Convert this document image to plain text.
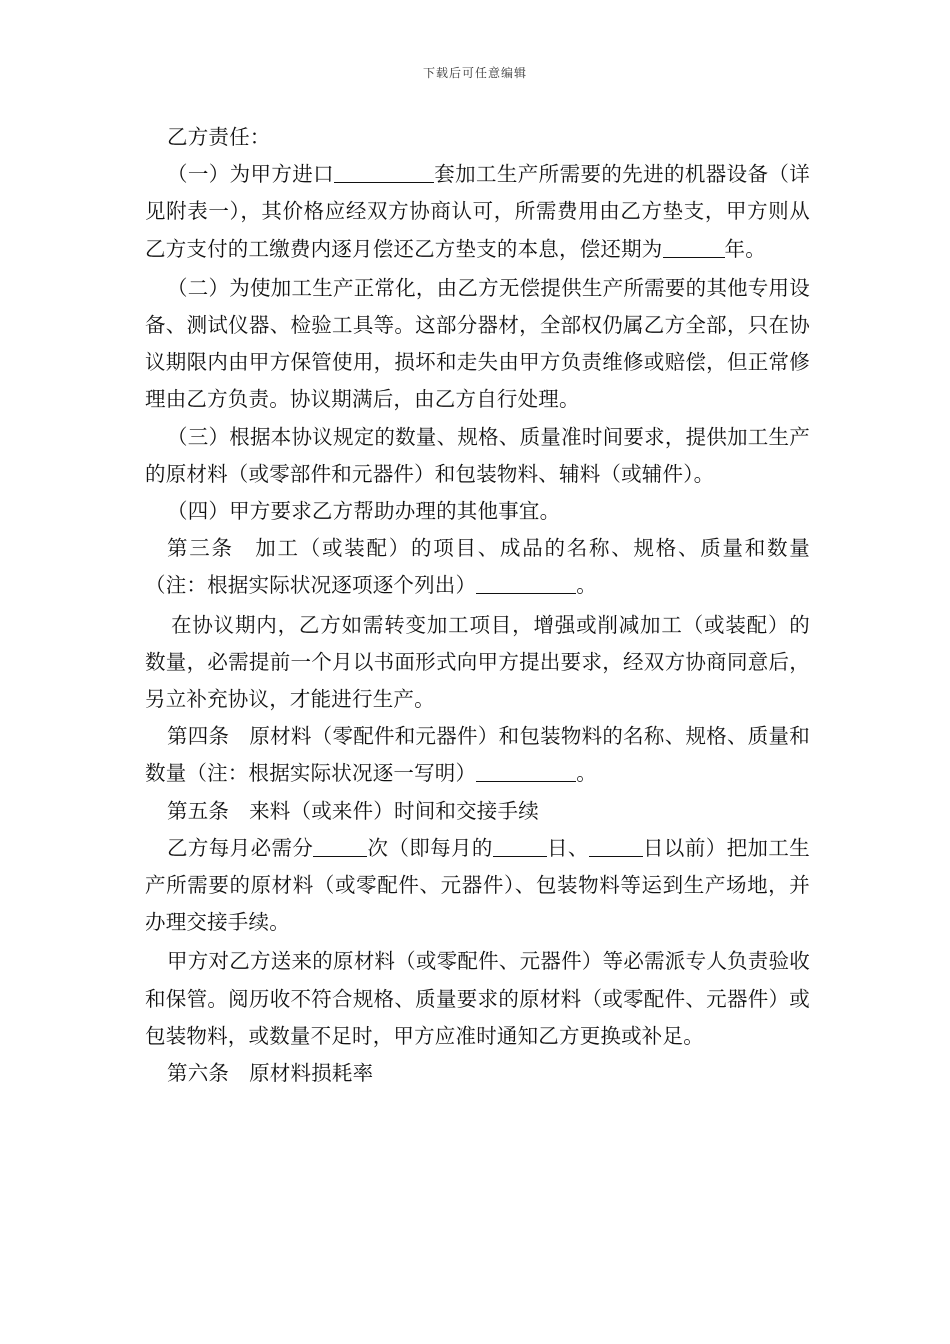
下载后可任意编辑

乙方责任：

（一）为甲方进口	套加工生产所需要的先进的机器设备（详见附表一），其价格应经双方协商认可，所需费用由乙方垫支，甲方则从乙方支付的工缴费内逐月偿还乙方垫支的本息，偿还期为	年。

（二）为使加工生产正常化，由乙方无偿提供生产所需要的其他专用设备、测试仪器、检验工具等。这部分器材，全部权仍属乙方全部，只在协议期限内由甲方保管使用，损坏和走失由甲方负责维修或赔偿，但正常修理由乙方负责。协议期满后，由乙方自行处理。

（三）根据本协议规定的数量、规格、质量准时间要求，提供加工生产的原材料（或零部件和元器件）和包装物料、辅料（或辅件）。

（四）甲方要求乙方帮助办理的其他事宜。

第三条 加工（或装配）的项目、成品的名称、规格、质量和数量（注：根据实际状况逐项逐个列出）	。

在协议期内，乙方如需转变加工项目，增强或削减加工（或装配）的数量，必需提前一个月以书面形式向甲方提出要求，经双方协商同意后，另立补充协议，才能进行生产。

第四条 原材料（零配件和元器件）和包装物料的名称、规格、质量和数量（注：根据实际状况逐一写明）	。

第五条 来料（或来件）时间和交接手续

乙方每月必需分	次（即每月的	日、	日以前）把加工生产所需要的原材料（或零配件、元器件）、包装物料等运到生产场地，并办理交接手续。

甲方对乙方送来的原材料（或零配件、元器件）等必需派专人负责验收和保管。阅历收不符合规格、质量要求的原材料（或零配件、元器件）或包装物料，或数量不足时，甲方应准时通知乙方更换或补足。

第六条 原材料损耗率
